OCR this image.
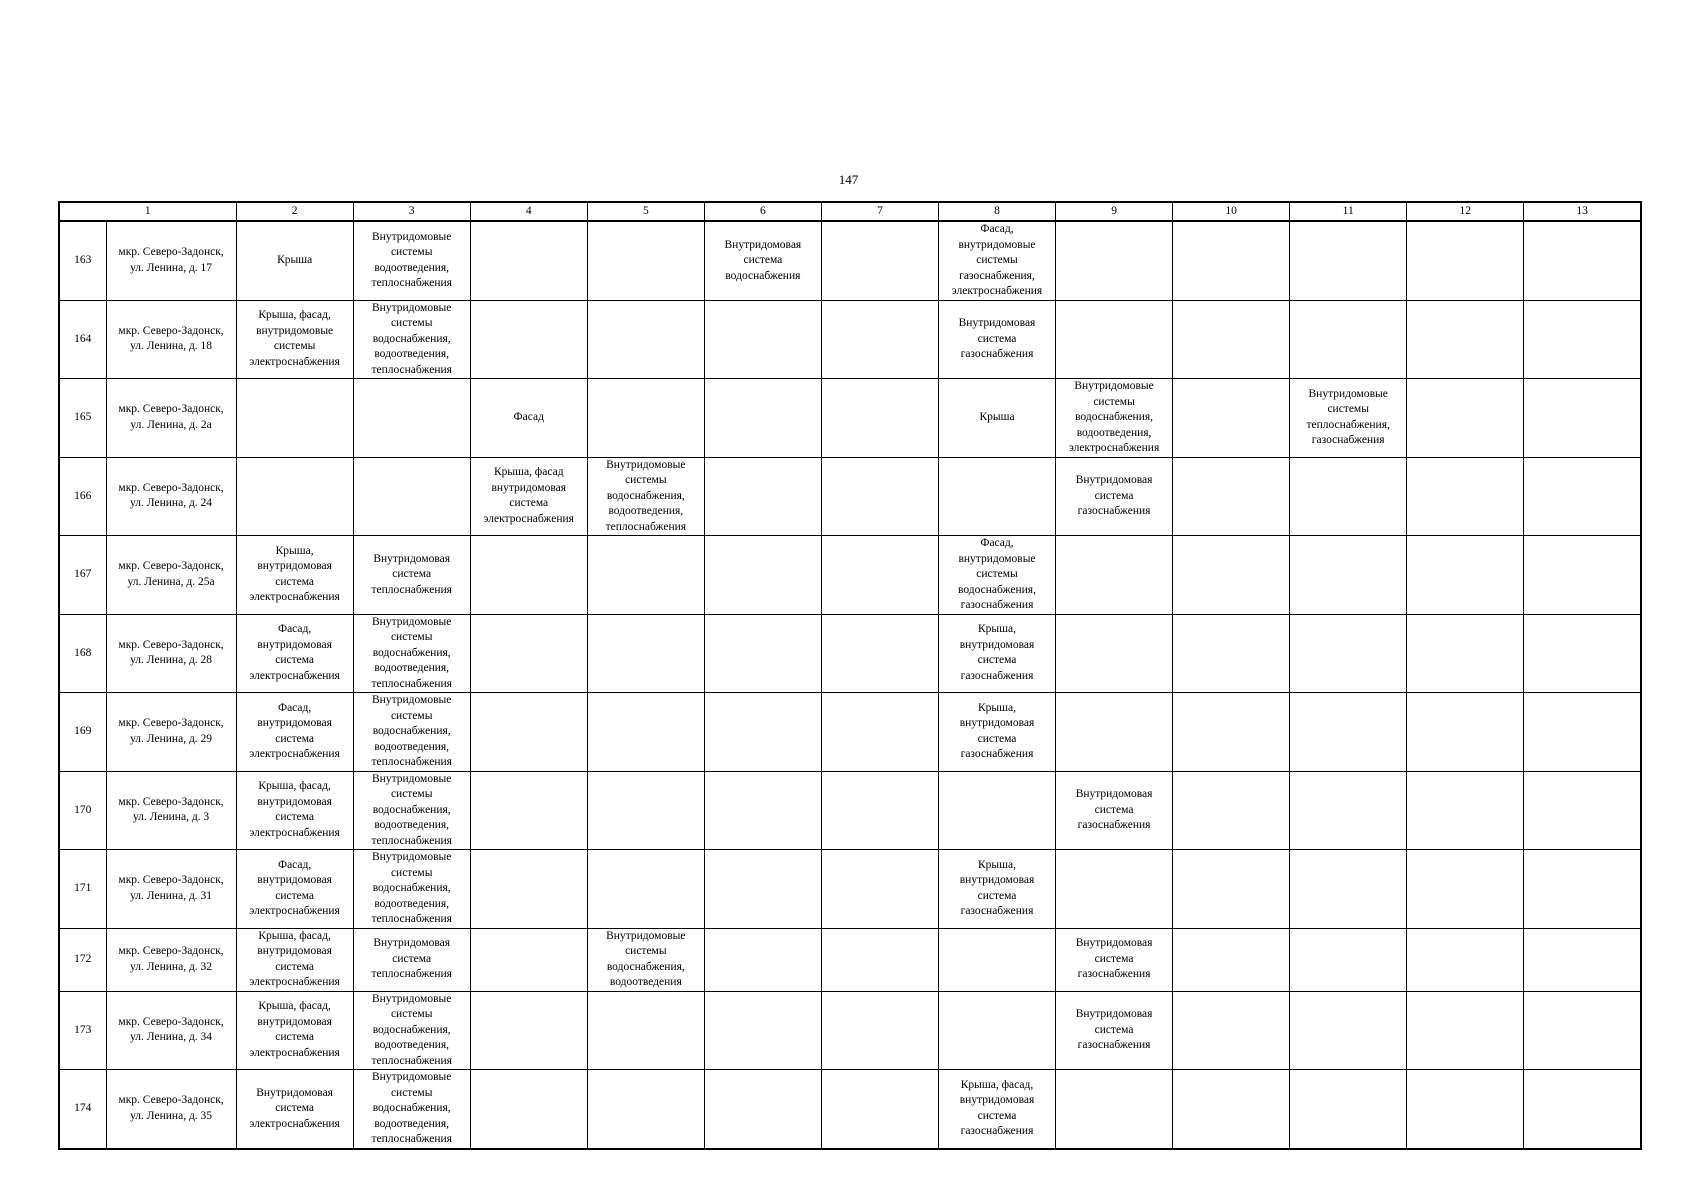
147
1		2	3	4	5	6	7	8	9	10	11	12	13
163	мкр. Северо-Задонск,
ул. Ленина, д. 17	Крыша	Внутридомовые
системы
водоотведения,
теплоснабжения			Внутридомовая
система
водоснабжения		Фасад,
внутридомовые
системы
газоснабжения,
электроснабжения					

164	мкр. Северо-Задонск,
ул. Ленина, д. 18	Крыша, фасад,
внутридомовые
системы
электроснабжения	Внутридомовые
системы
водоснабжения,
водоотведения,
теплоснабжения					Внутридомовая
система
газоснабжения					

165	мкр. Северо-Задонск,
ул. Ленина, д. 2а			Фасад				Крыша	Внутридомовые
системы
водоснабжения,
водоотведения,
электроснабжения		Внутридомовые
системы
теплоснабжения,
газоснабжения		

166	мкр. Северо-Задонск,
ул. Ленина, д. 24			Крыша, фасад
внутридомовая
система
электроснабжения	Внутридомовые
системы
водоснабжения,
водоотведения,
теплоснабжения				Внутридомовая
система
газоснабжения				

167	мкр. Северо-Задонск,
ул. Ленина, д. 25а	Крыша,
внутридомовая
система
электроснабжения	Внутридомовая
система
теплоснабжения					Фасад,
внутридомовые
системы
водоснабжения,
газоснабжения					

168	мкр. Северо-Задонск,
ул. Ленина, д. 28	Фасад,
внутридомовая
система
электроснабжения	Внутридомовые
системы
водоснабжения,
водоотведения,
теплоснабжения					Крыша,
внутридомовая
система
газоснабжения					

169	мкр. Северо-Задонск,
ул. Ленина, д. 29	Фасад,
внутридомовая
система
электроснабжения	Внутридомовые
системы
водоснабжения,
водоотведения,
теплоснабжения					Крыша,
внутридомовая
система
газоснабжения					

170	мкр. Северо-Задонск,
ул. Ленина, д. 3	Крыша, фасад,
внутридомовая
система
электроснабжения	Внутридомовые
системы
водоснабжения,
водоотведения,
теплоснабжения						Внутридомовая
система
газоснабжения				

171	мкр. Северо-Задонск,
ул. Ленина, д. 31	Фасад,
внутридомовая
система
электроснабжения	Внутридомовые
системы
водоснабжения,
водоотведения,
теплоснабжения					Крыша,
внутридомовая
система
газоснабжения					

172	мкр. Северо-Задонск,
ул. Ленина, д. 32	Крыша, фасад,
внутридомовая
система
электроснабжения	Внутридомовая
система
теплоснабжения		Внутридомовые
системы
водоснабжения,
водоотведения				Внутридомовая
система
газоснабжения				

173	мкр. Северо-Задонск,
ул. Ленина, д. 34	Крыша, фасад,
внутридомовая
система
электроснабжения	Внутридомовые
системы
водоснабжения,
водоотведения,
теплоснабжения						Внутридомовая
система
газоснабжения				

174	мкр. Северо-Задонск,
ул. Ленина, д. 35	Внутридомовая
система
электроснабжения	Внутридомовые
системы
водоснабжения,
водоотведения,
теплоснабжения					Крыша, фасад,
внутридомовая
система
газоснабжения					
